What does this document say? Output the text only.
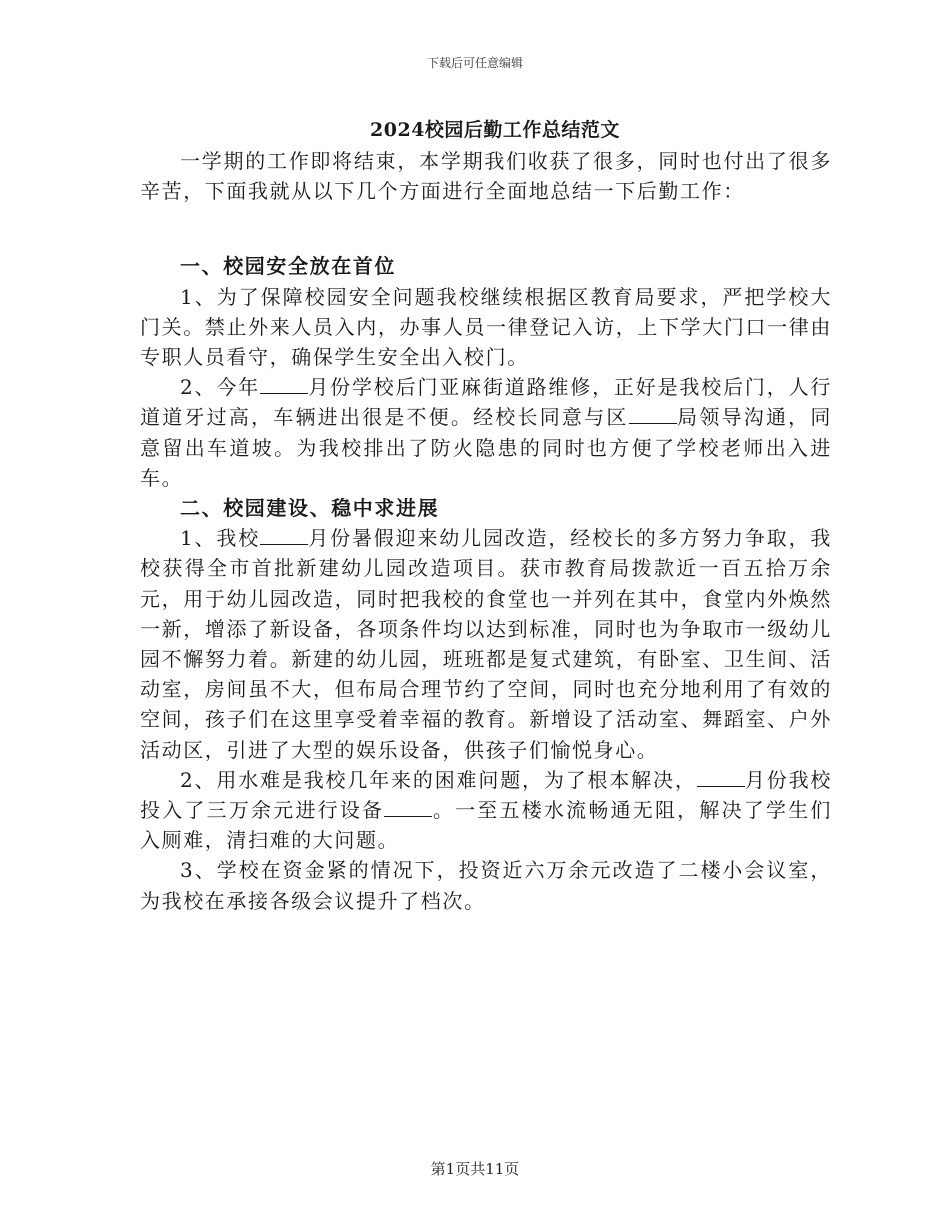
下载后可任意编辑
2024校园后勤工作总结范文

一学期的工作即将结束，本学期我们收获了很多，同时也付出了很多辛苦，下面我就从以下几个方面进行全面地总结一下后勤工作：

一、校园安全放在首位

1、为了保障校园安全问题我校继续根据区教育局要求，严把学校大门关。禁止外来人员入内，办事人员一律登记入访，上下学大门口一律由专职人员看守，确保学生安全出入校门。

2、今年 月份学校后门亚麻街道路维修，正好是我校后门，人行道道牙过高，车辆进出很是不便。经校长同意与区 局领导沟通，同意留出车道坡。为我校排出了防火隐患的同时也方便了学校老师出入进车。

二、校园建设、稳中求进展

1、我校 月份暑假迎来幼儿园改造，经校长的多方努力争取，我校获得全市首批新建幼儿园改造项目。获市教育局拨款近一百五拾万余元，用于幼儿园改造，同时把我校的食堂也一并列在其中，食堂内外焕然一新，增添了新设备，各项条件均以达到标准，同时也为争取市一级幼儿园不懈努力着。新建的幼儿园，班班都是复式建筑，有卧室、卫生间、活动室，房间虽不大，但布局合理节约了空间，同时也充分地利用了有效的空间，孩子们在这里享受着幸福的教育。新增设了活动室、舞蹈室、户外活动区，引进了大型的娱乐设备，供孩子们愉悦身心。

2、用水难是我校几年来的困难问题，为了根本解决， 月份我校投入了三万余元进行设备 。一至五楼水流畅通无阻，解决了学生们入厕难，清扫难的大问题。

3、学校在资金紧的情况下，投资近六万余元改造了二楼小会议室，为我校在承接各级会议提升了档次。

第1页共11页
